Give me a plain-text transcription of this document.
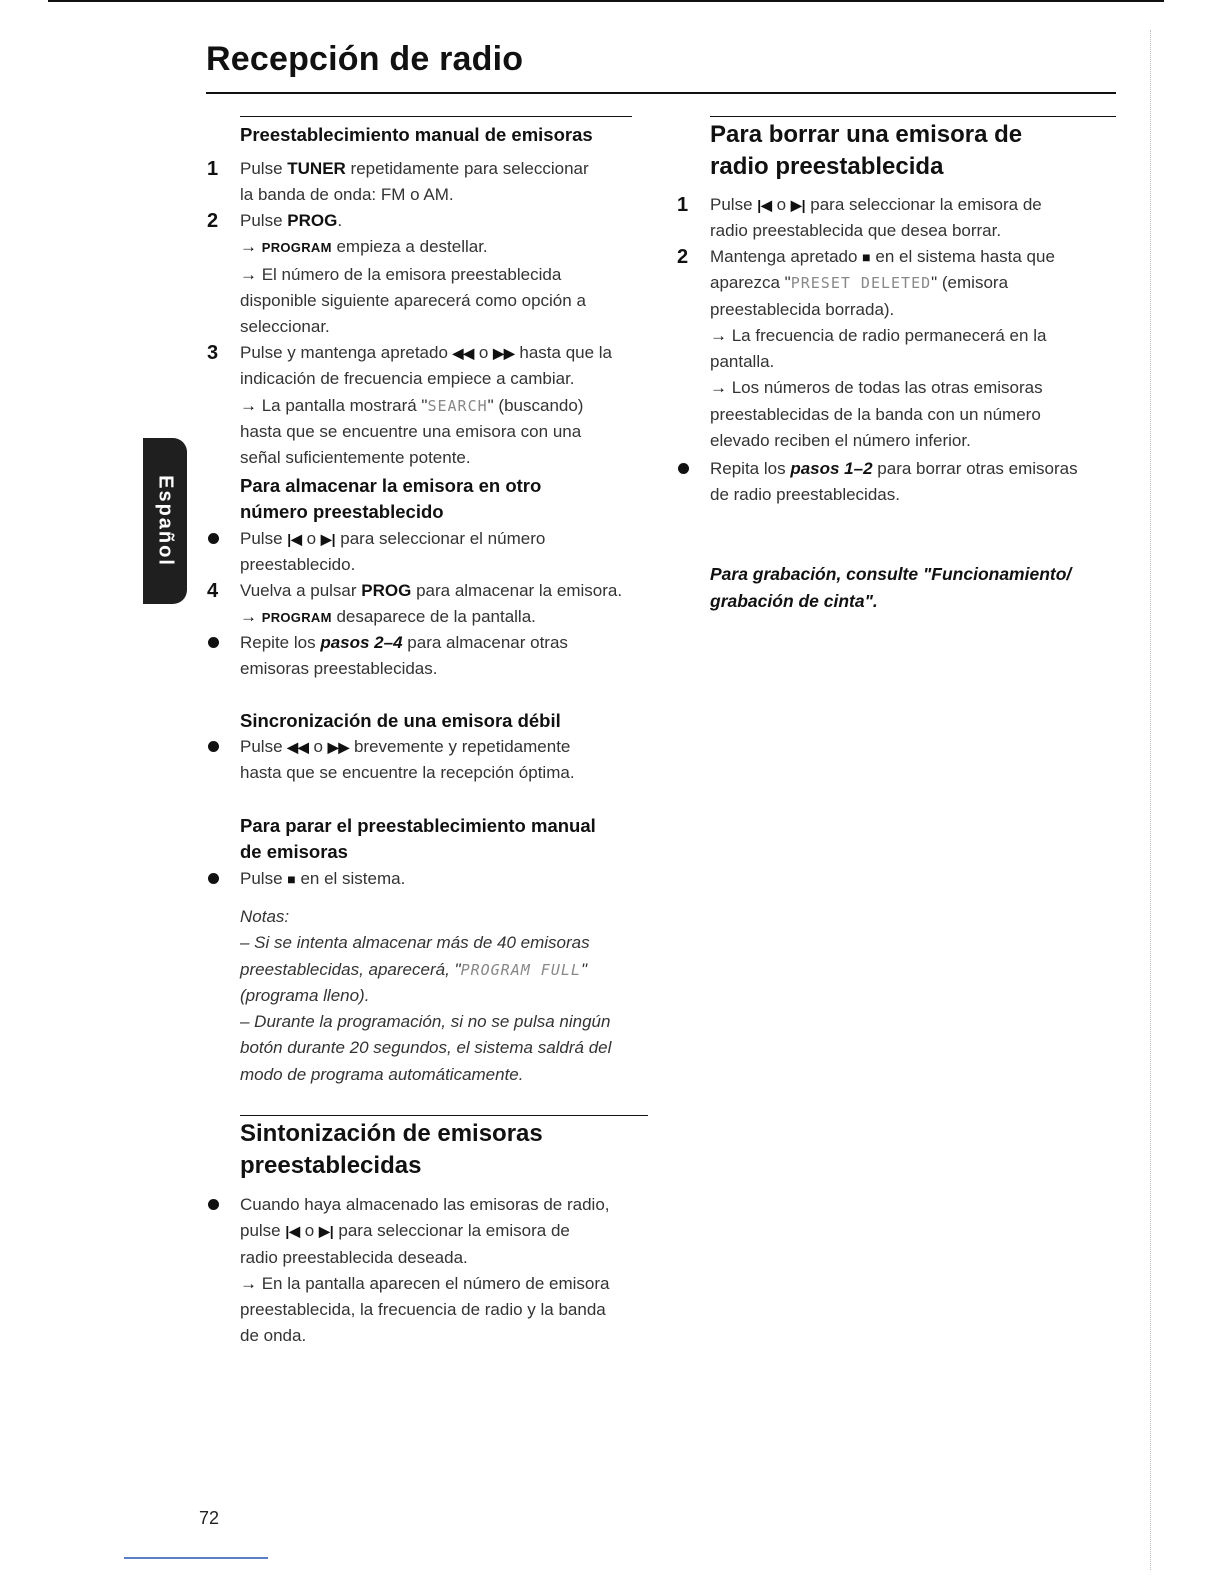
Recepción de radio
Español
Preestablecimiento manual de emisoras
1 Pulse TUNER repetidamente para seleccionar
la banda de onda: FM o AM.
2 Pulse PROG.
→ PROGRAM empieza a destellar.
→ El número de la emisora preestablecida
disponible siguiente aparecerá como opción a
seleccionar.
3 Pulse y mantenga apretado ◀◀ o ▶▶ hasta que la
indicación de frecuencia empiece a cambiar.
→ La pantalla mostrará "SEARCH" (buscando)
hasta que se encuentre una emisora con una
señal suficientemente potente.
Para almacenar la emisora en otro
número preestablecido
Pulse |◀ o ▶| para seleccionar el número
preestablecido.
4 Vuelva a pulsar PROG para almacenar la emisora.
→ PROGRAM desaparece de la pantalla.
Repite los pasos 2–4 para almacenar otras
emisoras preestablecidas.
Sincronización de una emisora débil
Pulse ◀◀ o ▶▶ brevemente y repetidamente
hasta que se encuentre la recepción óptima.
Para parar el preestablecimiento manual
de emisoras
Pulse ■ en el sistema.
Notas:
– Si se intenta almacenar más de 40 emisoras
preestablecidas, aparecerá, "PROGRAM FULL"
(programa lleno).
– Durante la programación, si no se pulsa ningún
botón durante 20 segundos, el sistema saldrá del
modo de programa automáticamente.
Sintonización de emisoras
preestablecidas
Cuando haya almacenado las emisoras de radio,
pulse |◀ o ▶| para seleccionar la emisora de
radio preestablecida deseada.
→ En la pantalla aparecen el número de emisora
preestablecida, la frecuencia de radio y la banda
de onda.
Para borrar una emisora de
radio preestablecida
1 Pulse |◀ o ▶| para seleccionar la emisora de
radio preestablecida que desea borrar.
2 Mantenga apretado ■ en el sistema hasta que
aparezca "PRESET DELETED" (emisora
preestablecida borrada).
→ La frecuencia de radio permanecerá en la
pantalla.
→ Los números de todas las otras emisoras
preestablecidas de la banda con un número
elevado reciben el número inferior.
Repita los pasos 1–2 para borrar otras emisoras
de radio preestablecidas.
Para grabación, consulte "Funcionamiento/
grabación de cinta".
72
